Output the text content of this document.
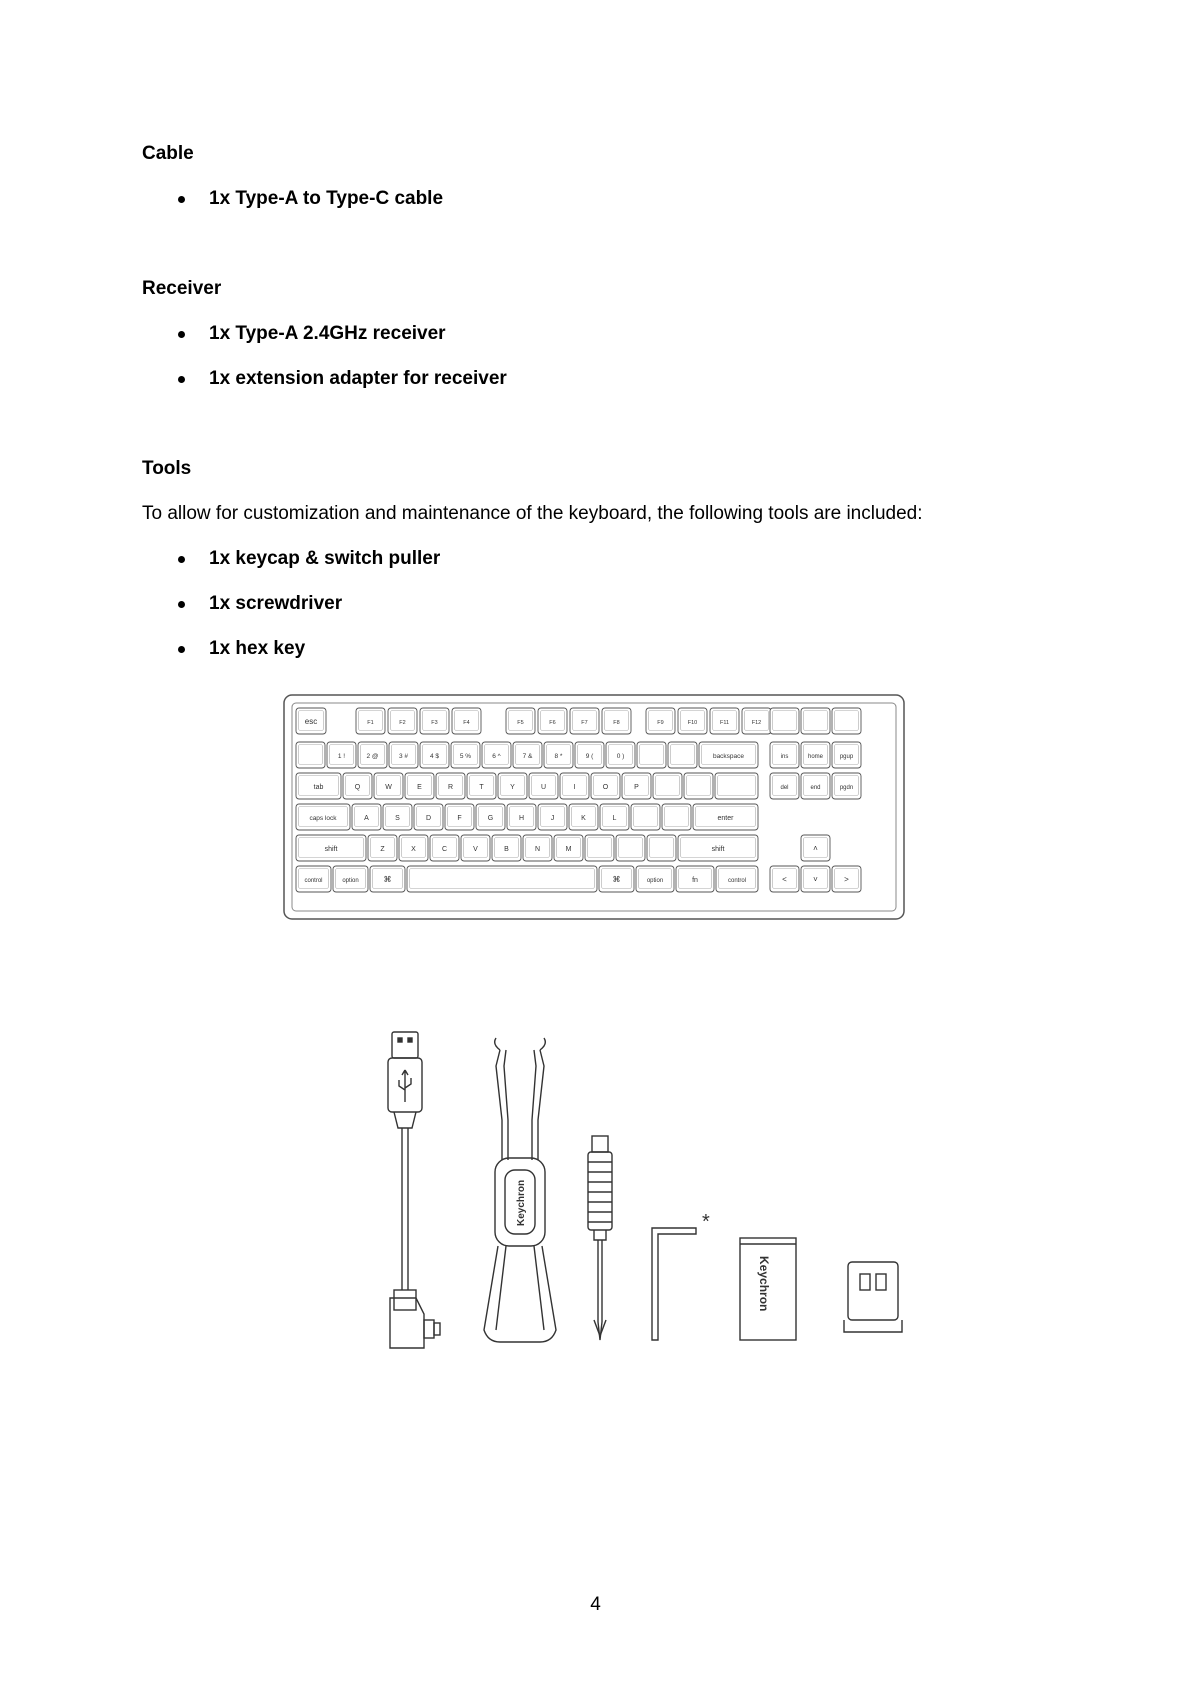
Cable
1x Type-A to Type-C cable
Receiver
1x Type-A 2.4GHz receiver
1x extension adapter for receiver
Tools
To allow for customization and maintenance of the keyboard, the following tools are included:
1x keycap & switch puller
1x screwdriver
1x hex key
esc	F1	F2	F3	F4	F5	F6	F7	F8	F9	F10	F11	F12
1 !	2 @	3 #	4 $	5 %	6 ^	7 &	8 *	9 (	0 )	backspace
tab	Q	W	E	R	T	Y	U	I	O	P
caps lock	A	S	D	F	G	H	J	K	L	enter
shift	Z	X	C	V	B	N	M	shift
control	option	⌘	⌘	option	fn	control
ins	home	pgup
del	end	pgdn
˄
˂	˅	˃
Keychron	*
Keychron
4
